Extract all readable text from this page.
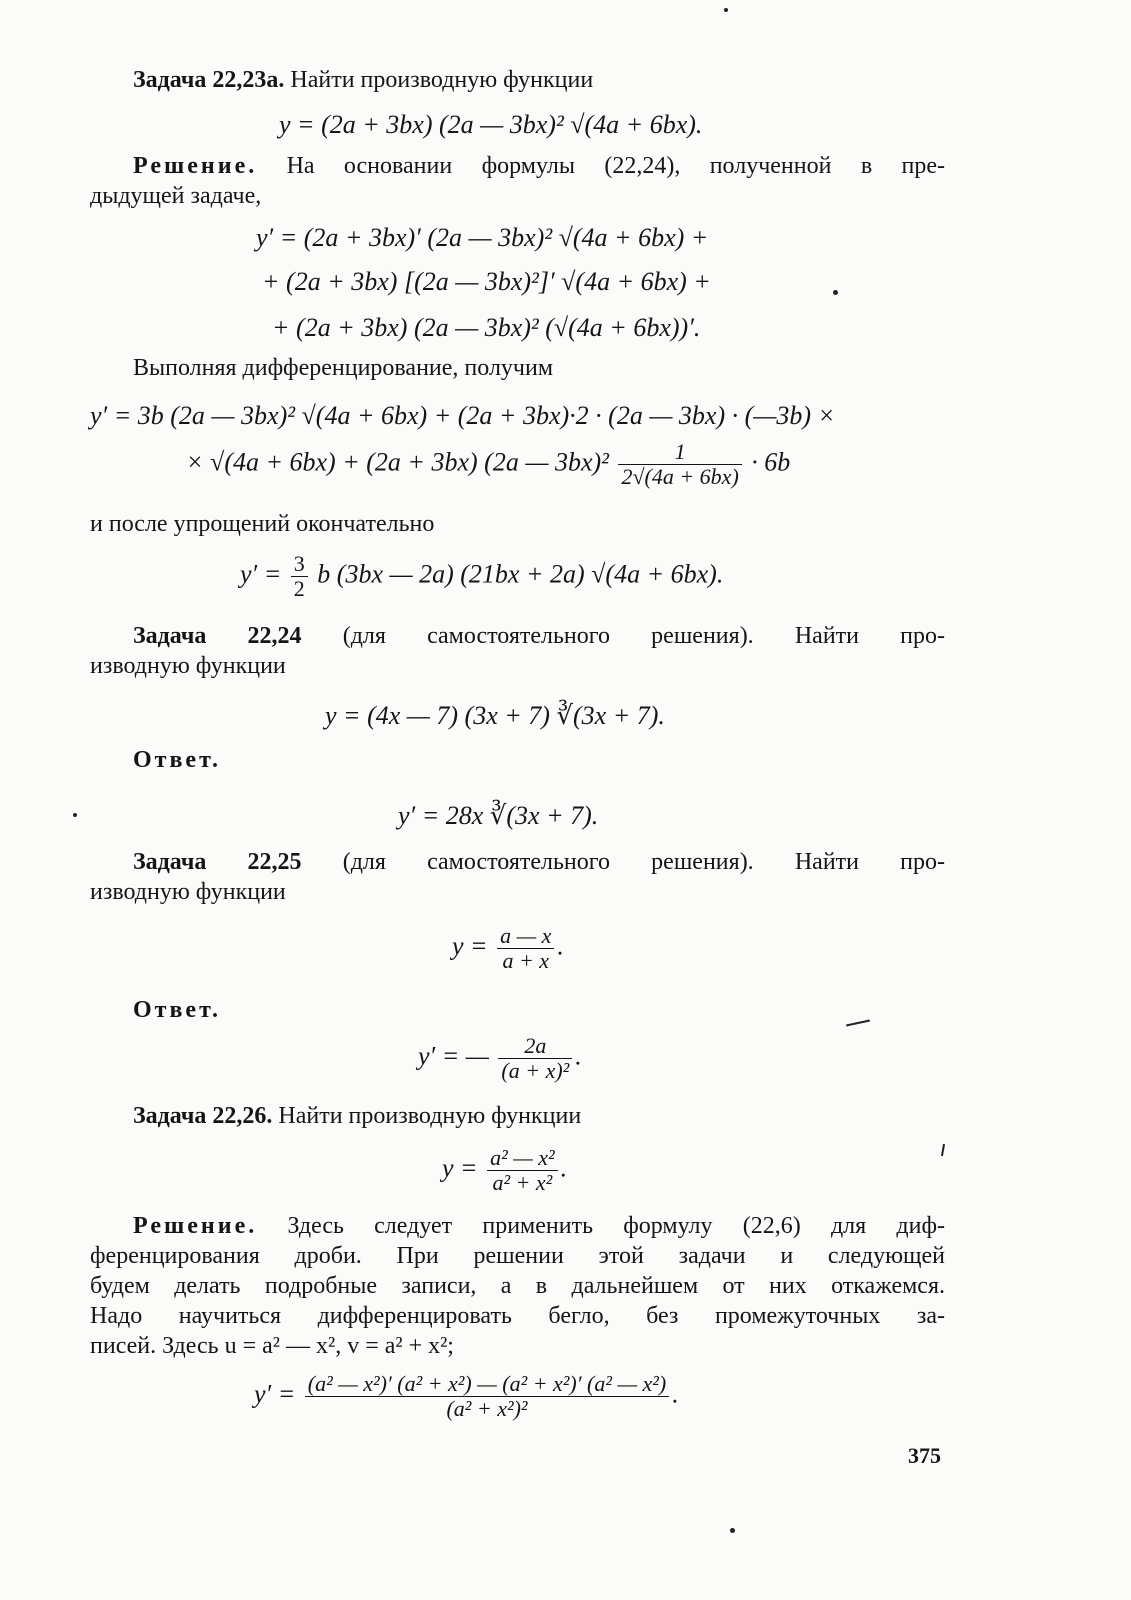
Задача 22,23а. Найти производную функции
y = (2a + 3bx) (2a — 3bx)² √(4a + 6bx).
Решение. На основании формулы (22,24), полученной в пре-
дыдущей задаче,
y′ = (2a + 3bx)′ (2a — 3bx)² √(4a + 6bx) +
+ (2a + 3bx) [(2a — 3bx)²]′ √(4a + 6bx) +
+ (2a + 3bx) (2a — 3bx)² (√(4a + 6bx))′.
Выполняя дифференцирование, получим
y′ = 3b (2a — 3bx)² √(4a + 6bx) + (2a + 3bx)·2 · (2a — 3bx) · (—3b) ×
× √(4a + 6bx) + (2a + 3bx) (2a — $3bx)^2 \frac{1}{2√(4a + 6bx)} \cdot 6b$
и после упрощений окончательно
$y' = \frac{3}{2}$ b (3bx — 2a) (21bx + 2a) √(4a + 6bx).
Задача 22,24 (для самостоятельного решения). Найти про-
изводную функции
y = (4x — 7) (3x + 7) ∛(3x + 7).
Ответ.
y′ = 28x ∛(3x + 7).
Задача 22,25 (для самостоятельного решения). Найти про-
изводную функции
$y = \frac{a — x}{a + x}$ .
Ответ.
y′ = — $\frac{2a}{\text{(a + x)²}}$ .
Задача 22,26. Найти производную функции
$y = \frac{\text{a² — x²}}{\text{a² + x²}}$ .
Решение. Здесь следует применить формулу (22,6) для диф-
ференцирования дроби. При решении этой задачи и следующей
будем делать подробные записи, а в дальнейшем от них откажемся.
Надо научиться дифференцировать бегло, без промежуточных за-
писей. Здесь u = a² — x², v = a² + x²;
$y' = \frac{\text{(a² — x²)′ (a² + x²) — (a² + x²)′ (a² — x²)}}{\text{(a² + x²)²}}$ .
375
